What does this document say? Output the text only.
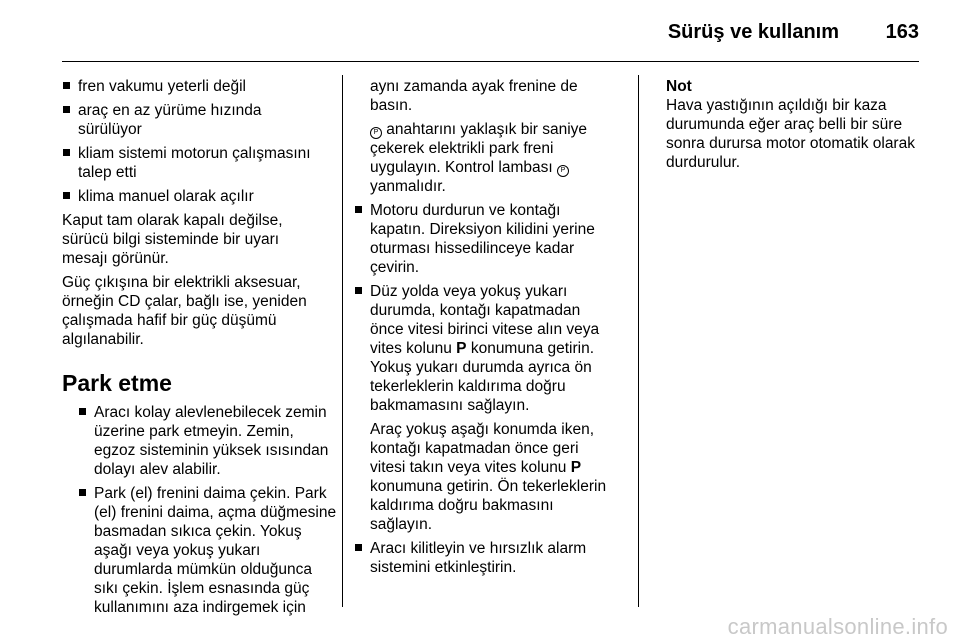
Sürüş ve kullanım 163
fren vakumu yeterli değil
araç en az yürüme hızında
sürülüyor
kliam sistemi motorun çalışmasını
talep etti
klima manuel olarak açılır
Kaput tam olarak kapalı değilse,
sürücü bilgi sisteminde bir uyarı
mesajı görünür.
Güç çıkışına bir elektrikli aksesuar,
örneğin CD çalar, bağlı ise, yeniden
çalışmada hafif bir güç düşümü
algılanabilir.
Park etme
Aracı kolay alevlenebilecek zemin
üzerine park etmeyin. Zemin,
egzoz sisteminin yüksek ısısından
dolayı alev alabilir.
Park (el) frenini daima çekin. Park
(el) frenini daima, açma düğmesine
basmadan sıkıca çekin. Yokuş
aşağı veya yokuş yukarı
durumlarda mümkün olduğunca
sıkı çekin. İşlem esnasında güç
kullanımını aza indirgemek için
aynı zamanda ayak frenine de
basın.
P anahtarını yaklaşık bir saniye
çekerek elektrikli park freni
uygulayın. Kontrol lambası P
yanmalıdır.
Motoru durdurun ve kontağı
kapatın. Direksiyon kilidini yerine
oturması hissedilinceye kadar
çevirin.
Düz yolda veya yokuş yukarı
durumda, kontağı kapatmadan
önce vitesi birinci vitese alın veya
vites kolunu P konumuna getirin.
Yokuş yukarı durumda ayrıca ön
tekerleklerin kaldırıma doğru
bakmamasını sağlayın.
Araç yokuş aşağı konumda iken,
kontağı kapatmadan önce geri
vitesi takın veya vites kolunu P
konumuna getirin. Ön tekerleklerin
kaldırıma doğru bakmasını
sağlayın.
Aracı kilitleyin ve hırsızlık alarm
sistemini etkinleştirin.
Not
Hava yastığının açıldığı bir kaza
durumunda eğer araç belli bir süre
sonra durursa motor otomatik olarak
durdurulur.
carmanualsonline.info
